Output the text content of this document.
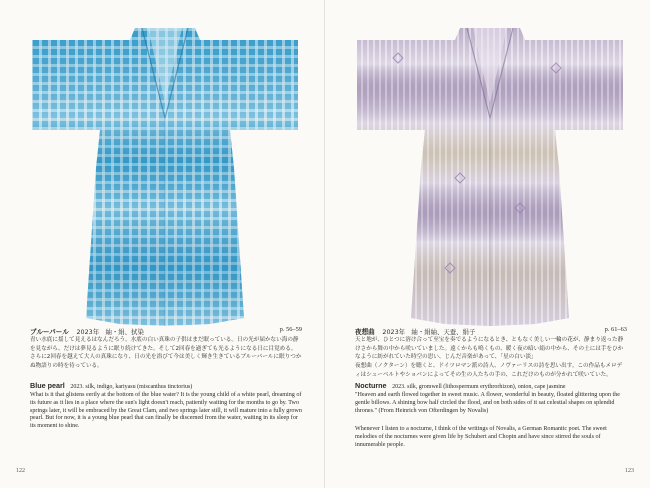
ブルーパール 2023年　紬・絹、拭染	p. 56–59
青い水底に揺して見えるはなんだろう。水底の白い真珠の子供はまだ眠っている。日の光が届かない海の静を見ながら、だけは夢見るように眠り続けてきた。そして2回春を過ぎても光るようになる日に目覚める。さらに2回春を越えて大人の真珠になり、日の光を浴びて今は美しく輝き生きているブルーパールに眠りつかぬ物語りの時を待っている。
Blue pearl 2023. silk, indigo, kariyasu (miscanthus tinctorius)
What is it that glistens eerily at the bottom of the blue water? It is the young child of a white pearl, dreaming of its future as it lies in a place where the sun's light doesn't reach, patiently waiting for the months to go by. Two springs later, it will be embraced by the Great Clam, and two springs later still, it will mature into a fully grown pearl. But for now, it is a young blue pearl that can finally be discerned from the water, waiting in its sleep for its moment to shine.
122
夜想曲 2023年　紬・絹紬、天蚕、絹子	p. 61–63
天と地が、ひとつに溶け合って至宝を奏でるようになるとき、ともなく美しい一輪の花が、静まり返った静けさから舞の中から咲いていました。遠くからも鳴くもの、暖く夜の暗い絹の中から、その土には手をひかなように紡がれていた時空の思い、じんだ音楽があって、「星の白い淡」
夜想曲（ノクターン）を聴くと、ドイツロマン派の詩人、ノヴァーリスの詩を思い出す。この作品もメロディはシューベルトやショパンによってその生の人たちの手の、これだけのものが分かれて咲いていた。
Nocturne 2023. silk, gromwell (lithospermum erythrorhizon), onion, cape jasmine
"Heaven and earth flowed together in sweet music. A flower, wonderful in beauty, floated glittering upon the gentle billows. A shining bow half circled the flood, and on both sides of it sat celestial shapes on splendid thrones." (From Heinrich von Ofterdingen by Novalis)
Whenever I listen to a nocturne, I think of the writings of Novalis, a German Romantic poet. The sweet melodies of the nocturnes were given life by Schubert and Chopin and have since stirred the souls of innumerable people.
123
